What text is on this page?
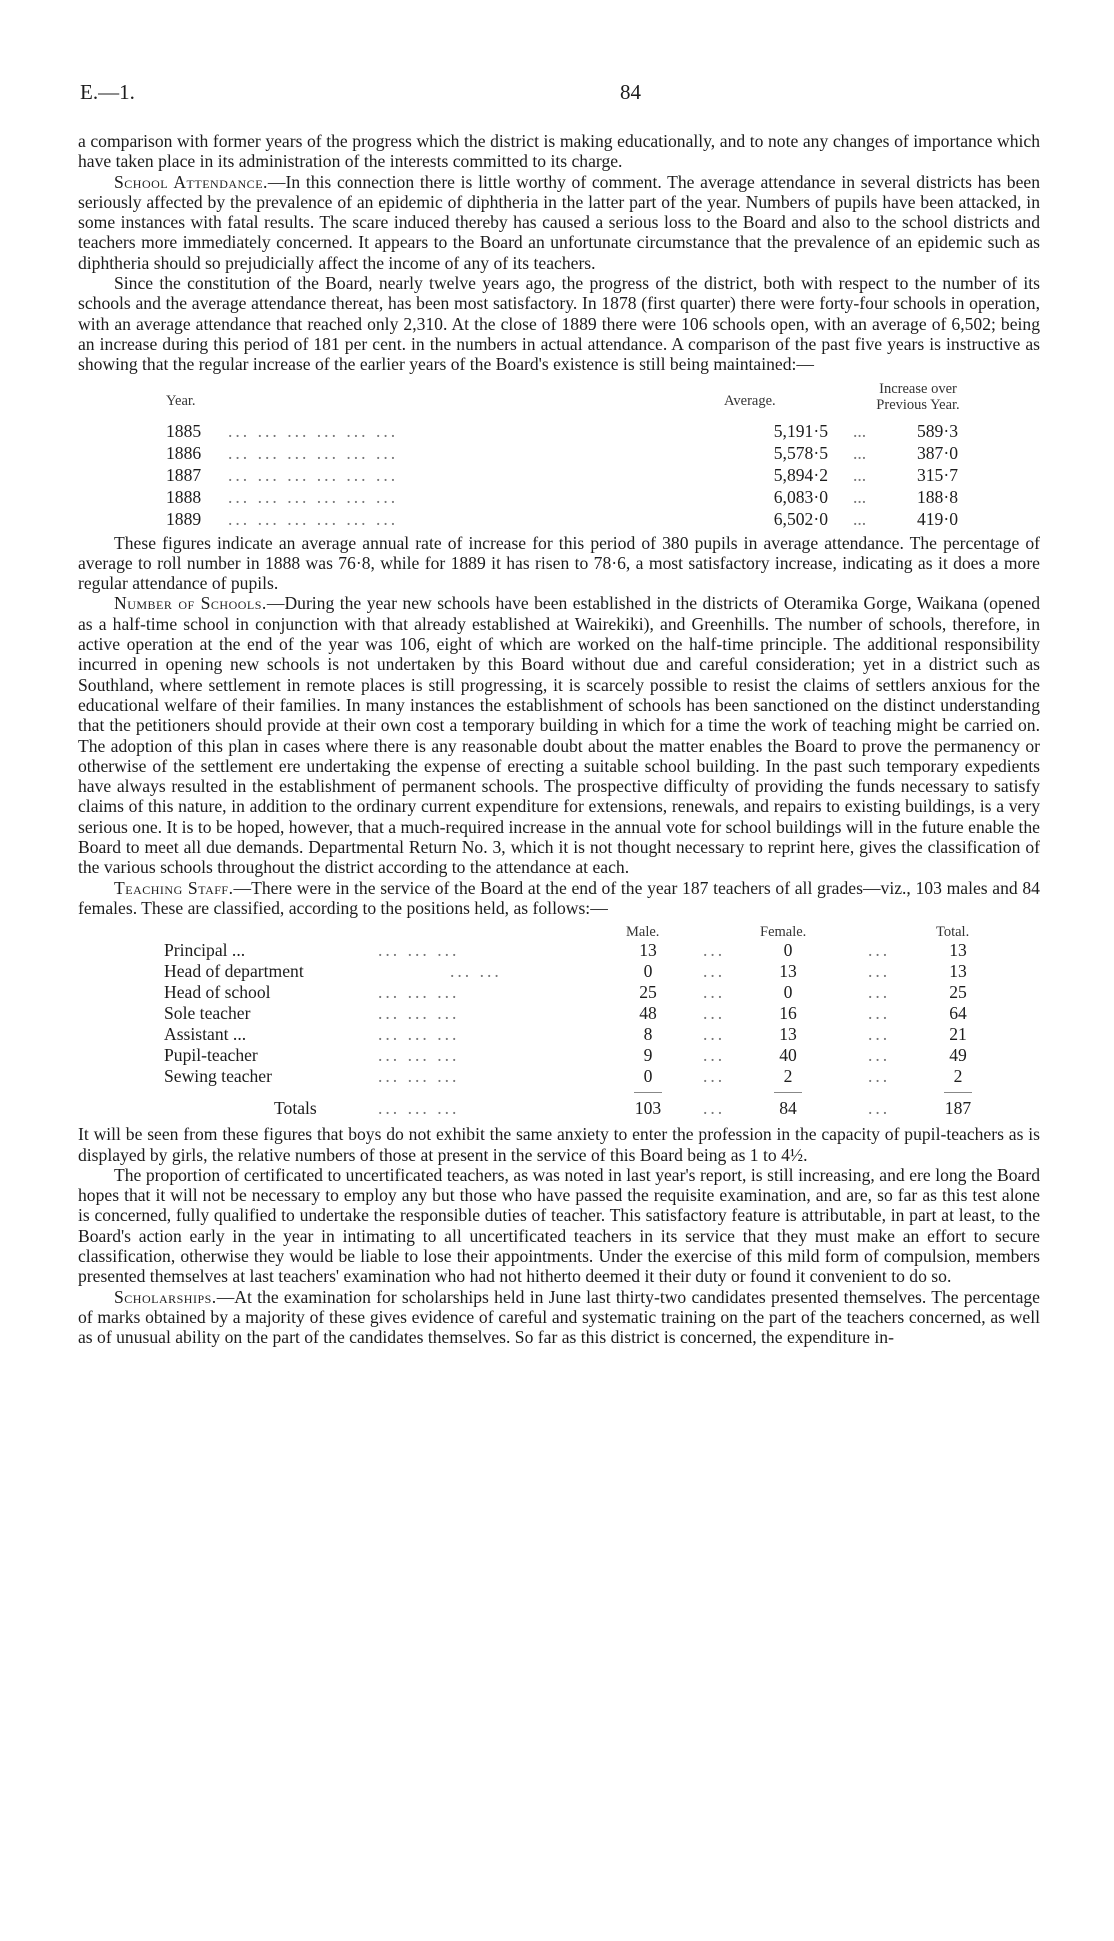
E.—1.	84

a comparison with former years of the progress which the district is making educationally, and to note any changes of importance which have taken place in its administration of the interests committed to its charge.

School Attendance.—In this connection there is little worthy of comment. The average attendance in several districts has been seriously affected by the prevalence of an epidemic of diphtheria in the latter part of the year. Numbers of pupils have been attacked, in some instances with fatal results. The scare induced thereby has caused a serious loss to the Board and also to the school districts and teachers more immediately concerned. It appears to the Board an unfortunate circumstance that the prevalence of an epidemic such as diphtheria should so prejudicially affect the income of any of its teachers.

Since the constitution of the Board, nearly twelve years ago, the progress of the district, both with respect to the number of its schools and the average attendance thereat, has been most satisfactory. In 1878 (first quarter) there were forty-four schools in operation, with an average attendance that reached only 2,310. At the close of 1889 there were 106 schools open, with an average of 6,502; being an increase during this period of 181 per cent. in the numbers in actual attendance. A comparison of the past five years is instructive as showing that the regular increase of the earlier years of the Board's existence is still being maintained:—

Year.	Average.
Increase over Previous Year.
1885 ... ... ... ... ... ...	5,191·5 ...	589·3
1886 ... ... ... ... ... ...	5,578·5 ...	387·0
1887 ... ... ... ... ... ...	5,894·2 ...	315·7
1888 ... ... ... ... ... ...	6,083·0 ...	188·8
1889 ... ... ... ... ... ...	6,502·0 ...	419·0

These figures indicate an average annual rate of increase for this period of 380 pupils in average attendance. The percentage of average to roll number in 1888 was 76·8, while for 1889 it has risen to 78·6, a most satisfactory increase, indicating as it does a more regular attendance of pupils.

Number of Schools.—During the year new schools have been established in the districts of Oteramika Gorge, Waikana (opened as a half-time school in conjunction with that already established at Wairekiki), and Greenhills. The number of schools, therefore, in active operation at the end of the year was 106, eight of which are worked on the half-time principle. The additional responsibility incurred in opening new schools is not undertaken by this Board without due and careful consideration; yet in a district such as Southland, where settlement in remote places is still progressing, it is scarcely possible to resist the claims of settlers anxious for the educational welfare of their families. In many instances the establishment of schools has been sanctioned on the distinct understanding that the petitioners should provide at their own cost a temporary building in which for a time the work of teaching might be carried on. The adoption of this plan in cases where there is any reasonable doubt about the matter enables the Board to prove the permanency or otherwise of the settlement ere undertaking the expense of erecting a suitable school building. In the past such temporary expedients have always resulted in the establishment of permanent schools. The prospective difficulty of providing the funds necessary to satisfy claims of this nature, in addition to the ordinary current expenditure for extensions, renewals, and repairs to existing buildings, is a very serious one. It is to be hoped, however, that a much-required increase in the annual vote for school buildings will in the future enable the Board to meet all due demands. Departmental Return No. 3, which it is not thought necessary to reprint here, gives the classification of the various schools throughout the district according to the attendance at each.

Teaching Staff.—There were in the service of the Board at the end of the year 187 teachers of all grades—viz., 103 males and 84 females. These are classified, according to the positions held, as follows:—

Male.	Female.	Total.
Principal ...	... ... ...	13	...	0	...	13
Head of department	... ...	0	...	13	...	13
Head of school	... ... ...	25	...	0	...	25
Sole teacher	... ... ...	48	...	16	...	64
Assistant ...	... ... ...	8	...	13	...	21
Pupil-teacher	... ... ...	9	...	40	...	49
Sewing teacher	... ... ...	0	...	2	...	2
Totals	... ... ...	103	...	84	...	187

It will be seen from these figures that boys do not exhibit the same anxiety to enter the profession in the capacity of pupil-teachers as is displayed by girls, the relative numbers of those at present in the service of this Board being as 1 to 4½.

The proportion of certificated to uncertificated teachers, as was noted in last year's report, is still increasing, and ere long the Board hopes that it will not be necessary to employ any but those who have passed the requisite examination, and are, so far as this test alone is concerned, fully qualified to undertake the responsible duties of teacher. This satisfactory feature is attributable, in part at least, to the Board's action early in the year in intimating to all uncertificated teachers in its service that they must make an effort to secure classification, otherwise they would be liable to lose their appointments. Under the exercise of this mild form of compulsion, members presented themselves at last teachers' examination who had not hitherto deemed it their duty or found it convenient to do so.

Scholarships.—At the examination for scholarships held in June last thirty-two candidates presented themselves. The percentage of marks obtained by a majority of these gives evidence of careful and systematic training on the part of the teachers concerned, as well as of unusual ability on the part of the candidates themselves. So far as this district is concerned, the expenditure in-
